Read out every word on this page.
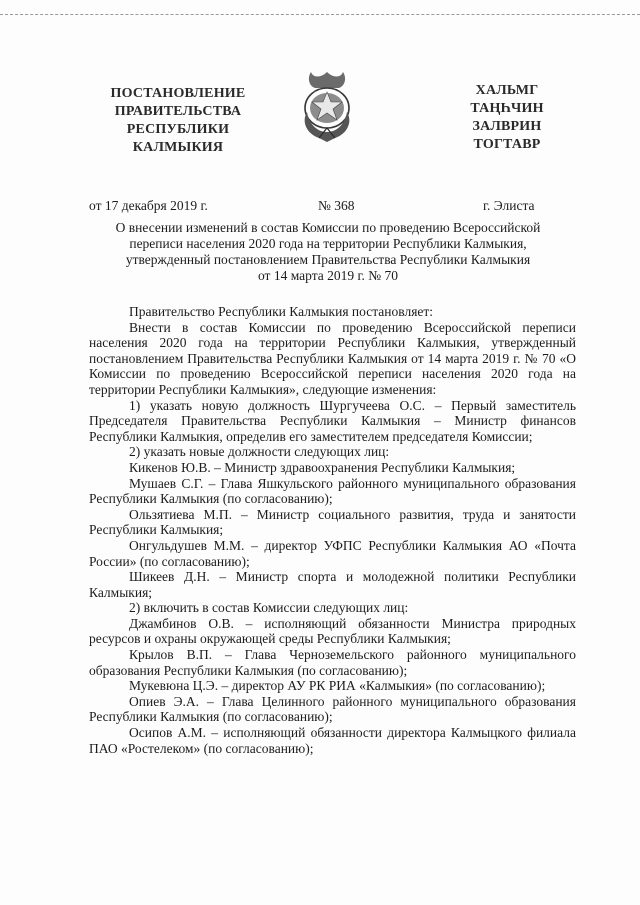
ПОСТАНОВЛЕНИЕ
ПРАВИТЕЛЬСТВА
РЕСПУБЛИКИ
КАЛМЫКИЯ
ХАЛЬМГ
ТАҢҺЧИН
ЗАЛВРИН
ТОГТАВР
от 17 декабря 2019 г.	№ 368	г. Элиста
О внесении изменений в состав Комиссии по проведению Всероссийской
переписи населения 2020 года на территории Республики Калмыкия,
утвержденный постановлением Правительства Республики Калмыкия
от 14 марта 2019 г. № 70

Правительство Республики Калмыкия постановляет:

Внести в состав Комиссии по проведению Всероссийской переписи населения 2020 года на территории Республики Калмыкия, утвержденный постановлением Правительства Республики Калмыкия от 14 марта 2019 г. № 70 «О Комиссии по проведению Всероссийской переписи населения 2020 года на территории Республики Калмыкия», следующие изменения:

1) указать новую должность Шургучеева О.С. – Первый заместитель Председателя Правительства Республики Калмыкия – Министр финансов Республики Калмыкия, определив его заместителем председателя Комиссии;

2) указать новые должности следующих лиц:

Кикенов Ю.В. – Министр здравоохранения Республики Калмыкия;

Мушаев С.Г. – Глава Яшкульского районного муниципального образования Республики Калмыкия (по согласованию);

Ользятиева М.П. – Министр социального развития, труда и занятости Республики Калмыкия;

Онгульдушев М.М. – директор УФПС Республики Калмыкия АО «Почта России» (по согласованию);

Шикеев Д.Н. – Министр спорта и молодежной политики Республики Калмыкия;

2) включить в состав Комиссии следующих лиц:

Джамбинов О.В. – исполняющий обязанности Министра природных ресурсов и охраны окружающей среды Республики Калмыкия;

Крылов В.П. – Глава Черноземельского районного муниципального образования Республики Калмыкия (по согласованию);

Мукевюна Ц.Э. – директор АУ РК РИА «Калмыкия» (по согласованию);

Опиев Э.А. – Глава Целинного районного муниципального образования Республики Калмыкия (по согласованию);

Осипов А.М. – исполняющий обязанности директора Калмыцкого филиала ПАО «Ростелеком» (по согласованию);
